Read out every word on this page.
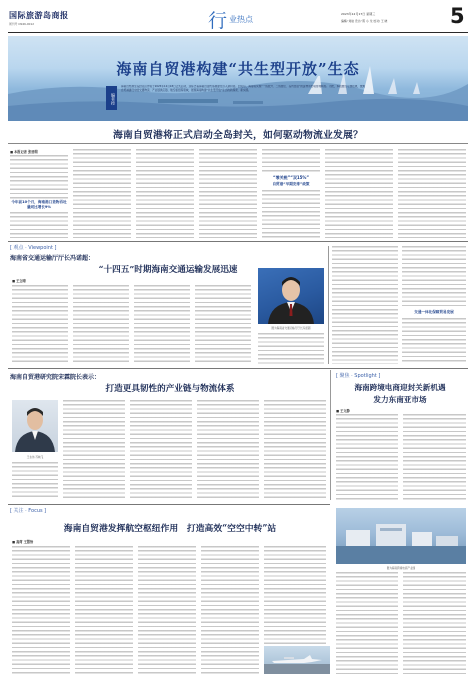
国际旅游岛商报
周刊号 CN46-0012	行 业热点
2023年12月17日 星期三
编辑/ 刘晗 设计/ 陈 小 龙 校对/ 王 晓	5
海南自贸港构建“共生型开放”生态
编者按
海南自贸港全岛封关运作将于2025年12月18日正式启动，这标志着海南自由贸易港建设迈入新阶段。封关后，海南将实施“一线放开、二线管住、岛内自由”的货物进出境管理制度。为此，本报推出专题报道，聚焦自贸港建设中的交通物流、产业链供应链、航空枢纽等领域，展现海南构建“共生型开放”生态的新探索、新实践。
海南自贸港将正式启动全岛封关，如何驱动物流业发展？
■ 本报记者 张晋纲
今年前10个月，海南港口货物吞吐量同比增长9%
“零关税”“双15%”
自贸港“早期安排”政策
[ 观点 · Viewpoint ]
海南省交通运输厅厅长冯诺超：
“十四五”时期海南交通运输发展迅速
■ 王立晴
图为海南省交通运输厅厅长冯诺超
交通一体化保障贸易发展
海南自贸港研究院宋霖院长表示：
打造更具韧性的产业链与物流体系
王永伟 苏映飞
[ 聚焦 · Spotlight ]
海南跨境电商迎封关新机遇
发力东南亚市场
■ 王文静
[ 关注 · Focus ]
海南自贸港发挥航空枢纽作用　打造高效“空空中转”站
■ 高荷 王慧怡
图为海南跨境电商产业园
